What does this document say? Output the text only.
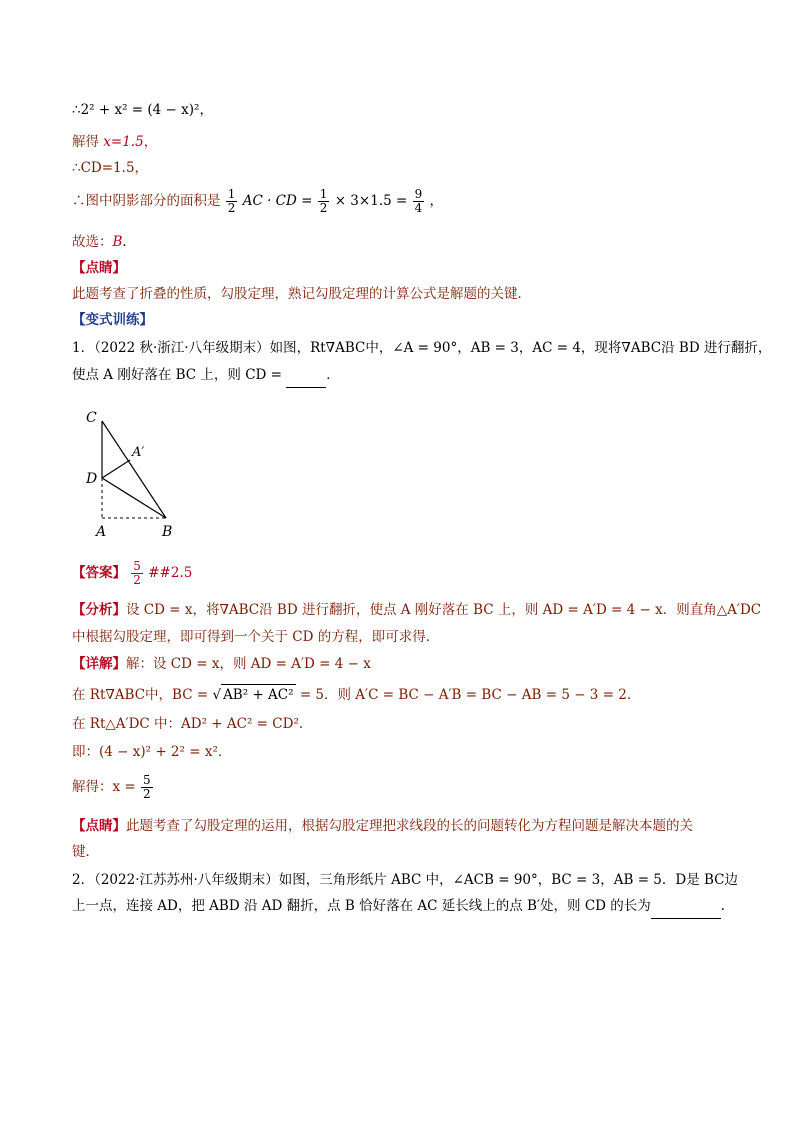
∴2² + x² = (4 − x)²，
解得 x=1.5，
∴CD=1.5，
∴图中阴影部分的面积是 $\frac{1}{2}$ AC · CD = $\frac{1}{2} \times 3\times 1.5 = \frac{9}{4}$ ，
故选：B．
【点睛】
此题考查了折叠的性质，勾股定理，熟记勾股定理的计算公式是解题的关键．
【变式训练】
1．（2022 秋·浙江·八年级期末）如图，Rt∇ABC中，∠A = 90°，AB = 3，AC = 4，现将∇ABC沿 BD 进行翻折，
使点 A 刚好落在 BC 上，则 CD =	．
C
A′
D
A	B
【答案】 $\frac{5}{2}$ ##2.5
【分析】设 CD = x，将∇ABC沿 BD 进行翻折，使点 A 刚好落在 BC 上，则 AD = A′D = 4 − x．则直角△A′DC
中根据勾股定理，即可得到一个关于 CD 的方程，即可求得．
【详解】解：设 CD = x，则 AD = A′D = 4 − x
在 Rt∇ABC中，BC = √ AB² + AC² = 5．则 A′C = BC − A′B = BC − AB = 5 − 3 = 2．
在 Rt△A′DC 中：AD² + AC² = CD²．
即：(4 − x)² + 2² = x²．
解得：$x = \frac{5}{2}$
【点睛】此题考查了勾股定理的运用，根据勾股定理把求线段的长的问题转化为方程问题是解决本题的关
键．
2．（2022·江苏苏州·八年级期末）如图，三角形纸片 ABC 中，∠ACB = 90°，BC = 3，AB = 5．D是 BC边
上一点，连接 AD，把 ABD 沿 AD 翻折，点 B 恰好落在 AC 延长线上的点 B′处，则 CD 的长为	．
